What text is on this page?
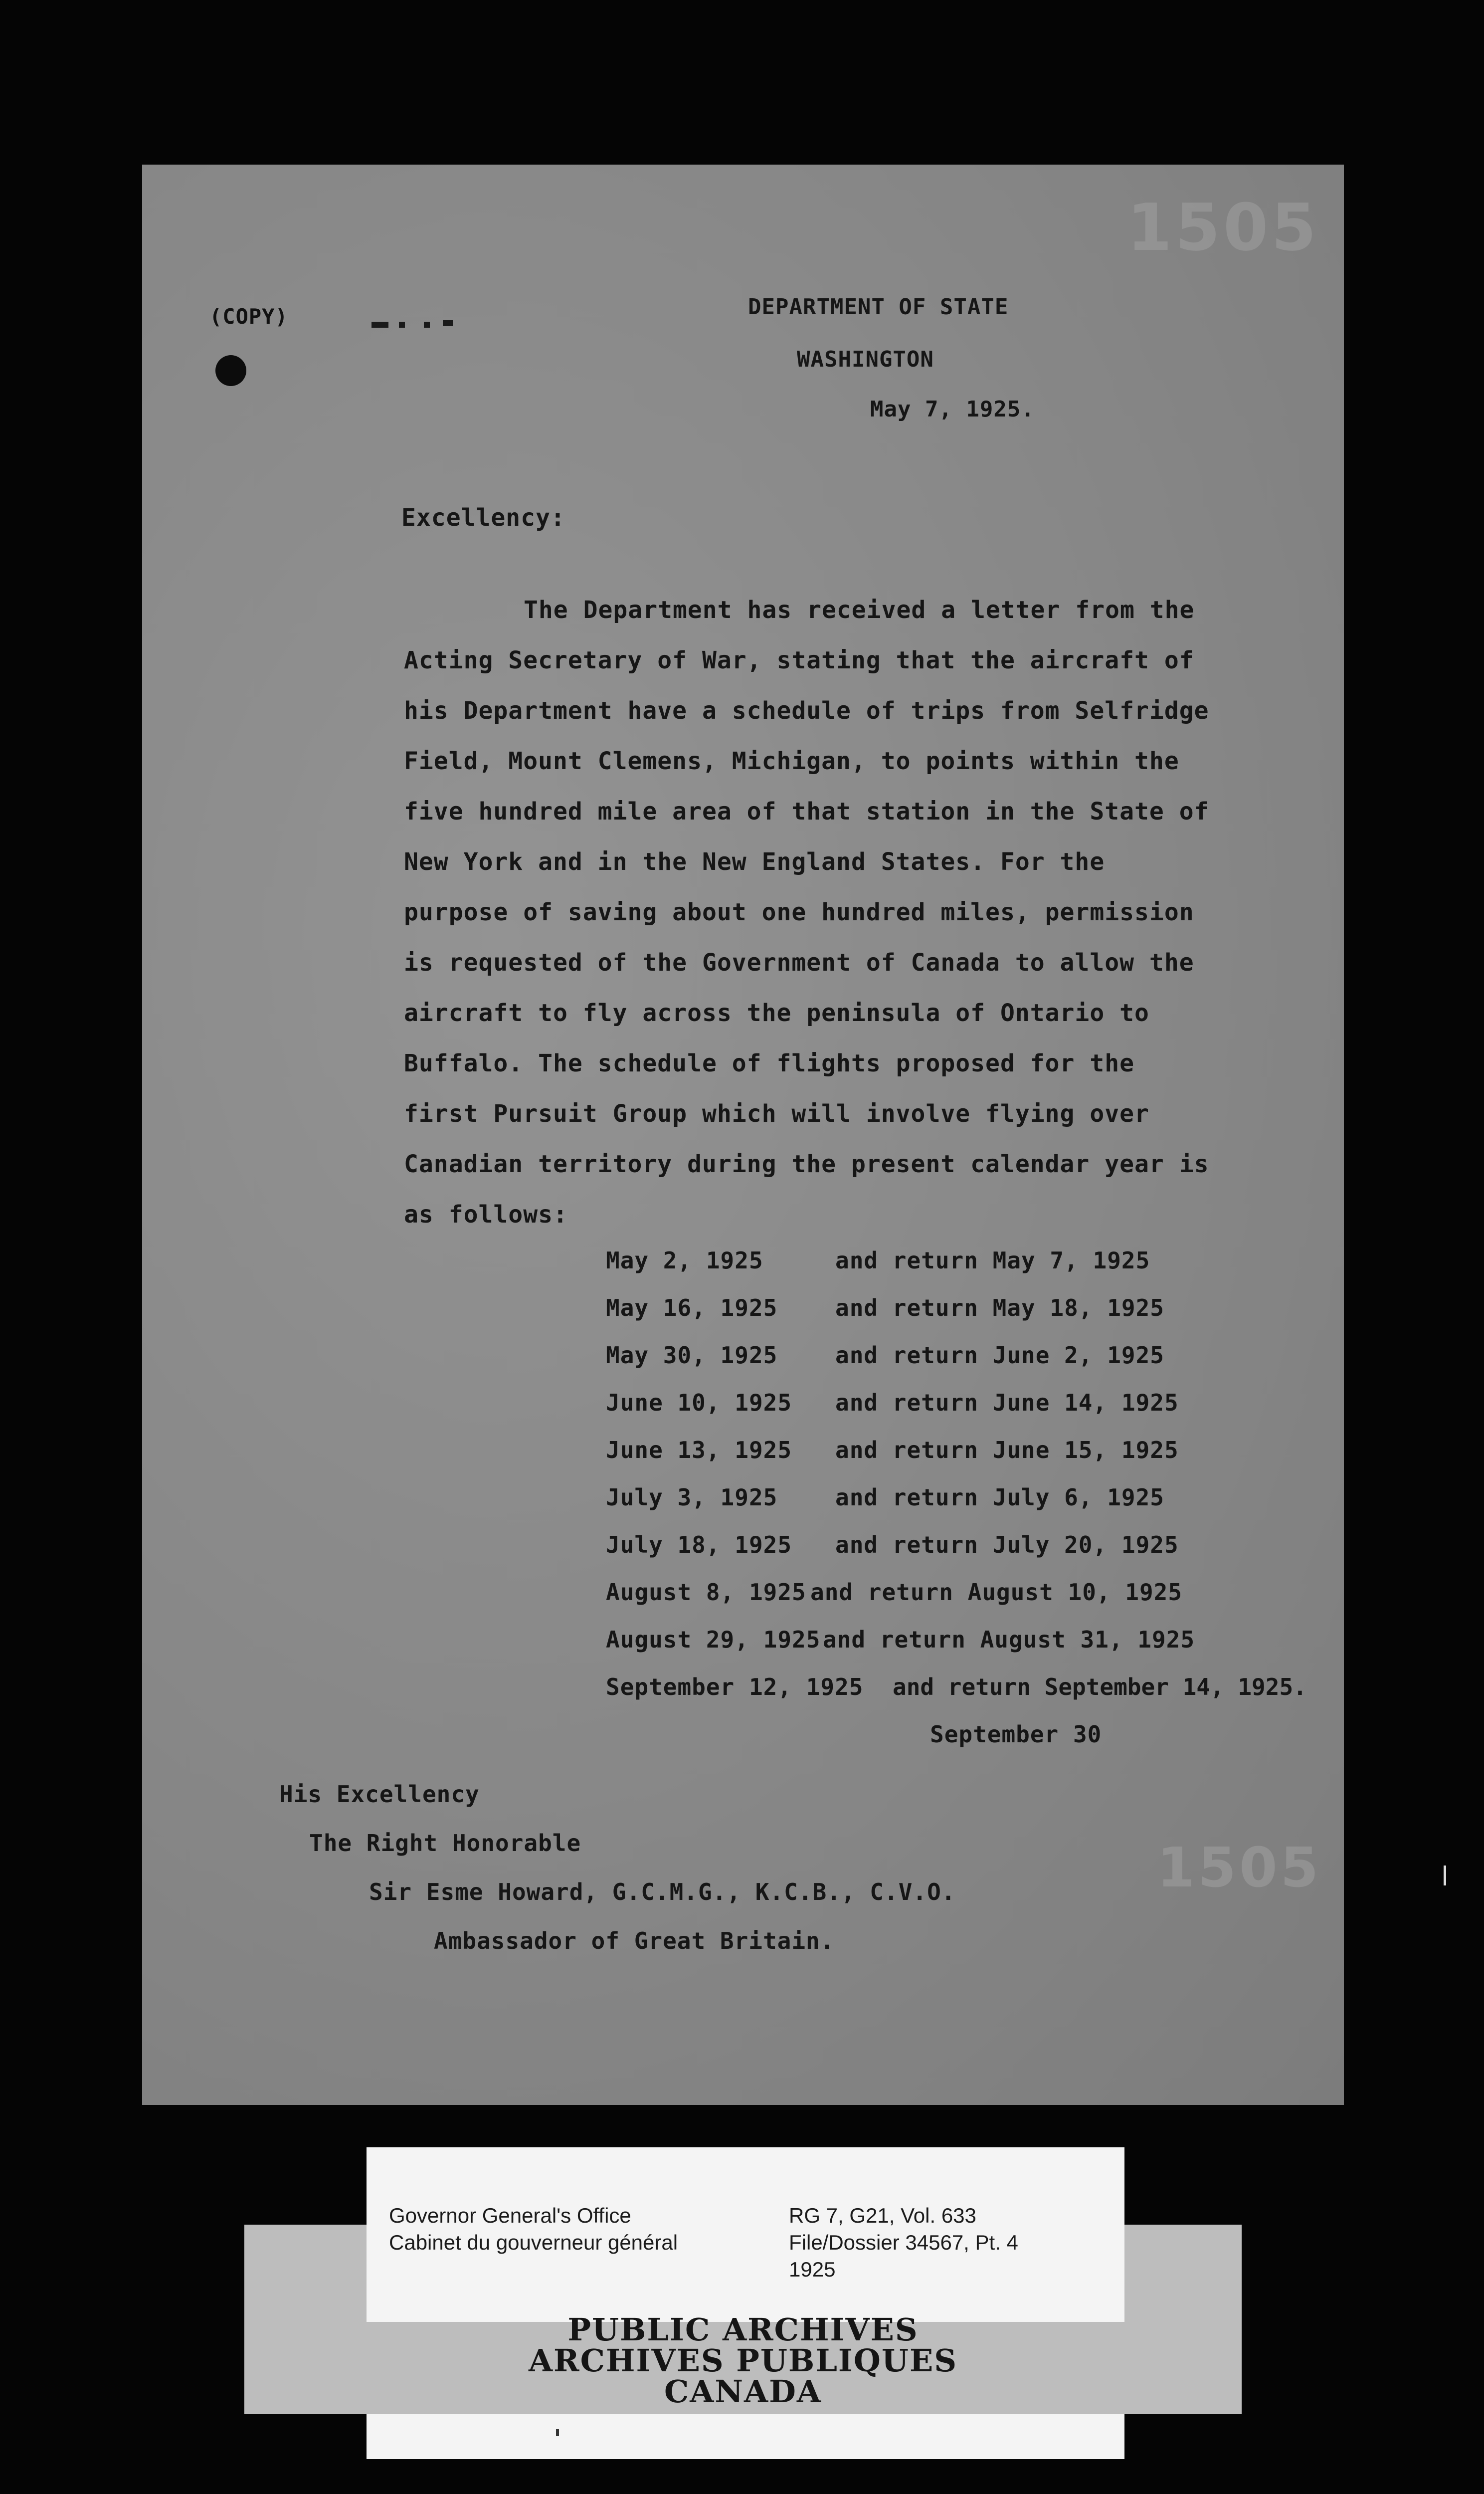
1505
1505
(COPY)	DEPARTMENT OF STATE
WASHINGTON
May 7, 1925.
Excellency:
The Department has received a letter from the
Acting Secretary of War, stating that the aircraft of
his Department have a schedule of trips from Selfridge
Field, Mount Clemens, Michigan, to points within the
five hundred mile area of that station in the State of
New York and in the New England States. For the
purpose of saving about one hundred miles, permission
is requested of the Government of Canada to allow the
aircraft to fly across the peninsula of Ontario to
Buffalo. The schedule of flights proposed for the
first Pursuit Group which will involve flying over
Canadian territory during the present calendar year is
as follows:
May 2, 1925	and return May 7, 1925
May 16, 1925	and return May 18, 1925
May 30, 1925	and return June 2, 1925
June 10, 1925 and return June 14, 1925
June 13, 1925 and return June 15, 1925
July 3, 1925	and return July 6, 1925
July 18, 1925 and return July 20, 1925
August 8, 1925 and return August 10, 1925
August 29, 1925 and return August 31, 1925
September 12, 1925 and return September 14, 1925.
September 30
His Excellency
The Right Honorable
Sir Esme Howard, G.C.M.G., K.C.B., C.V.O.
Ambassador of Great Britain.
Governor General's Office
Cabinet du gouverneur général
RG 7, G21, Vol. 633
File/Dossier 34567, Pt. 4
1925
PUBLIC ARCHIVES
ARCHIVES PUBLIQUES
CANADA
